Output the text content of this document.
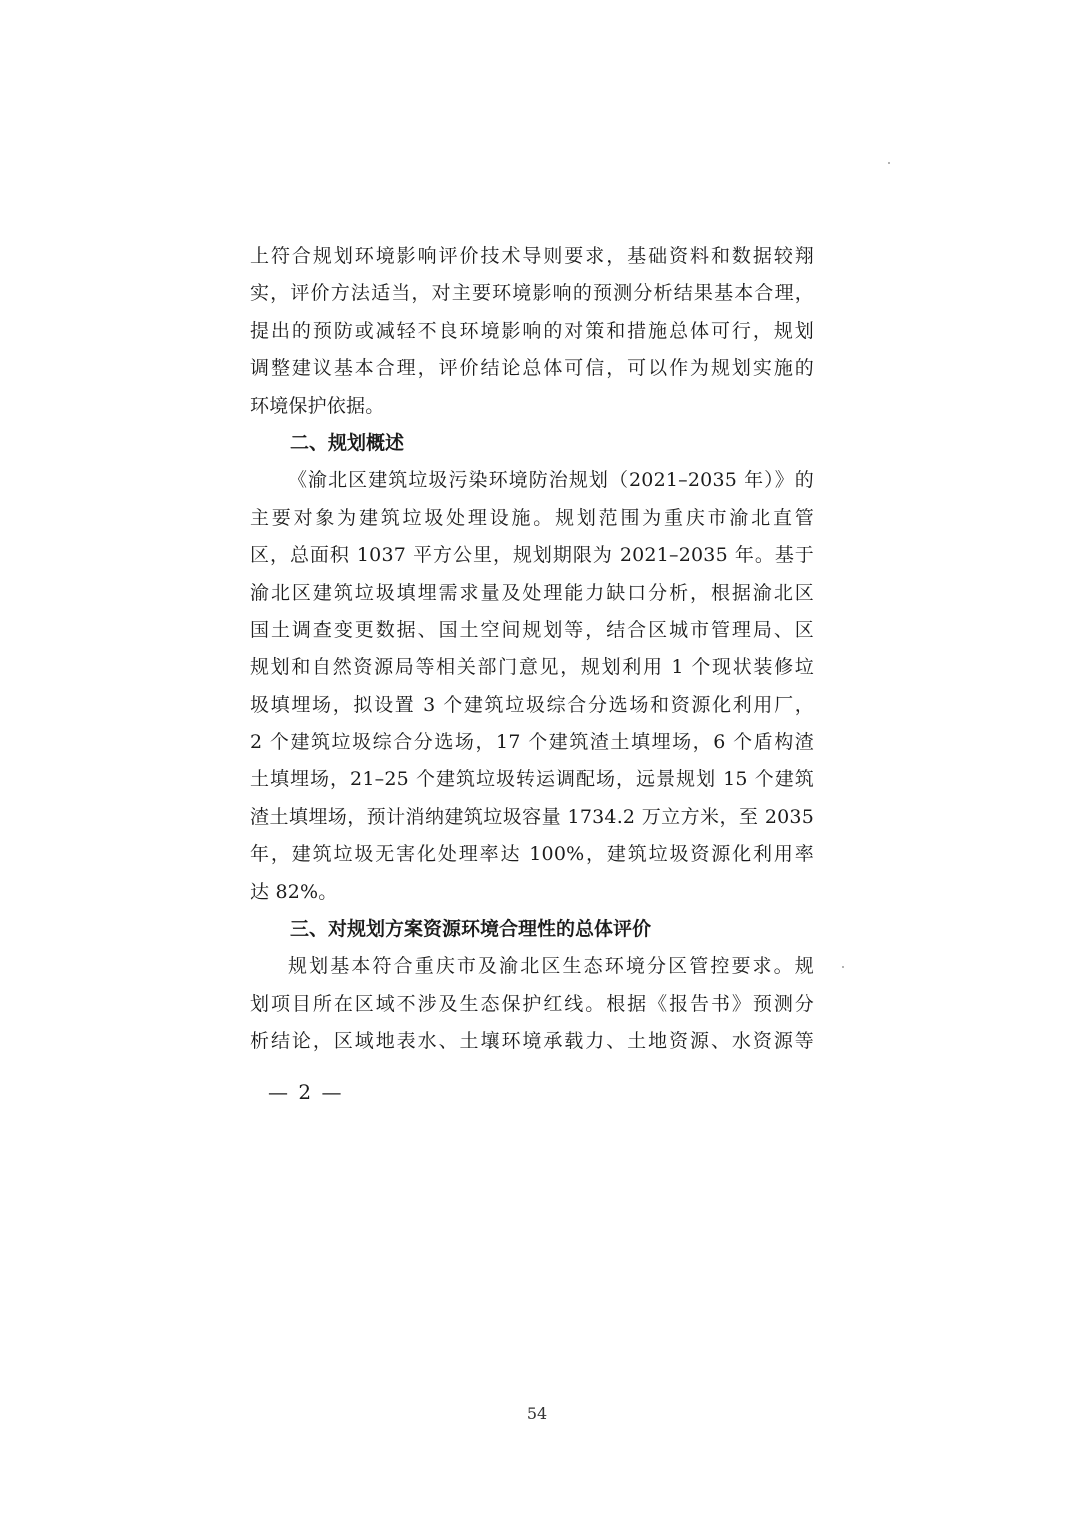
上符合规划环境影响评价技术导则要求，基础资料和数据较翔
实，评价方法适当，对主要环境影响的预测分析结果基本合理，
提出的预防或减轻不良环境影响的对策和措施总体可行，规划
调整建议基本合理，评价结论总体可信，可以作为规划实施的
环境保护依据。
二、规划概述
《渝北区建筑垃圾污染环境防治规划（2021–2035 年）》的
主要对象为建筑垃圾处理设施。规划范围为重庆市渝北直管
区，总面积 1037 平方公里，规划期限为 2021–2035 年。基于
渝北区建筑垃圾填埋需求量及处理能力缺口分析，根据渝北区
国土调查变更数据、国土空间规划等，结合区城市管理局、区
规划和自然资源局等相关部门意见，规划利用 1 个现状装修垃
圾填埋场，拟设置 3 个建筑垃圾综合分选场和资源化利用厂，
2 个建筑垃圾综合分选场，17 个建筑渣土填埋场，6 个盾构渣
土填埋场，21–25 个建筑垃圾转运调配场，远景规划 15 个建筑
渣土填埋场，预计消纳建筑垃圾容量 1734.2 万立方米，至 2035
年，建筑垃圾无害化处理率达 100%，建筑垃圾资源化利用率
达 82%。
三、对规划方案资源环境合理性的总体评价
规划基本符合重庆市及渝北区生态环境分区管控要求。规
划项目所在区域不涉及生态保护红线。根据《报告书》预测分
析结论，区域地表水、土壤环境承载力、土地资源、水资源等
— 2 —
54
